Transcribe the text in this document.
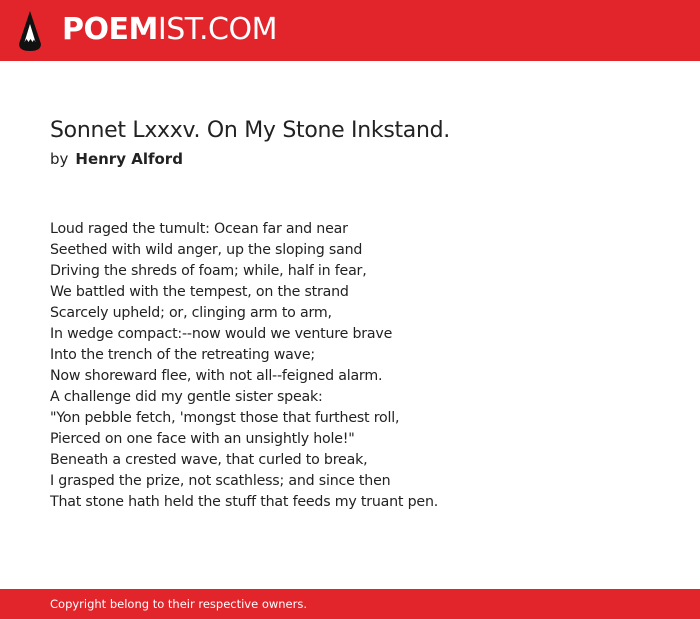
POEMIST.COM
Sonnet Lxxxv. On My Stone Inkstand.
by Henry Alford
Loud raged the tumult: Ocean far and near
Seethed with wild anger, up the sloping sand
Driving the shreds of foam; while, half in fear,
We battled with the tempest, on the strand
Scarcely upheld; or, clinging arm to arm,
In wedge compact:--now would we venture brave
Into the trench of the retreating wave;
Now shoreward flee, with not all--feigned alarm.
A challenge did my gentle sister speak:
"Yon pebble fetch, 'mongst those that furthest roll,
Pierced on one face with an unsightly hole!"
Beneath a crested wave, that curled to break,
I grasped the prize, not scathless; and since then
That stone hath held the stuff that feeds my truant pen.
Copyright belong to their respective owners.
